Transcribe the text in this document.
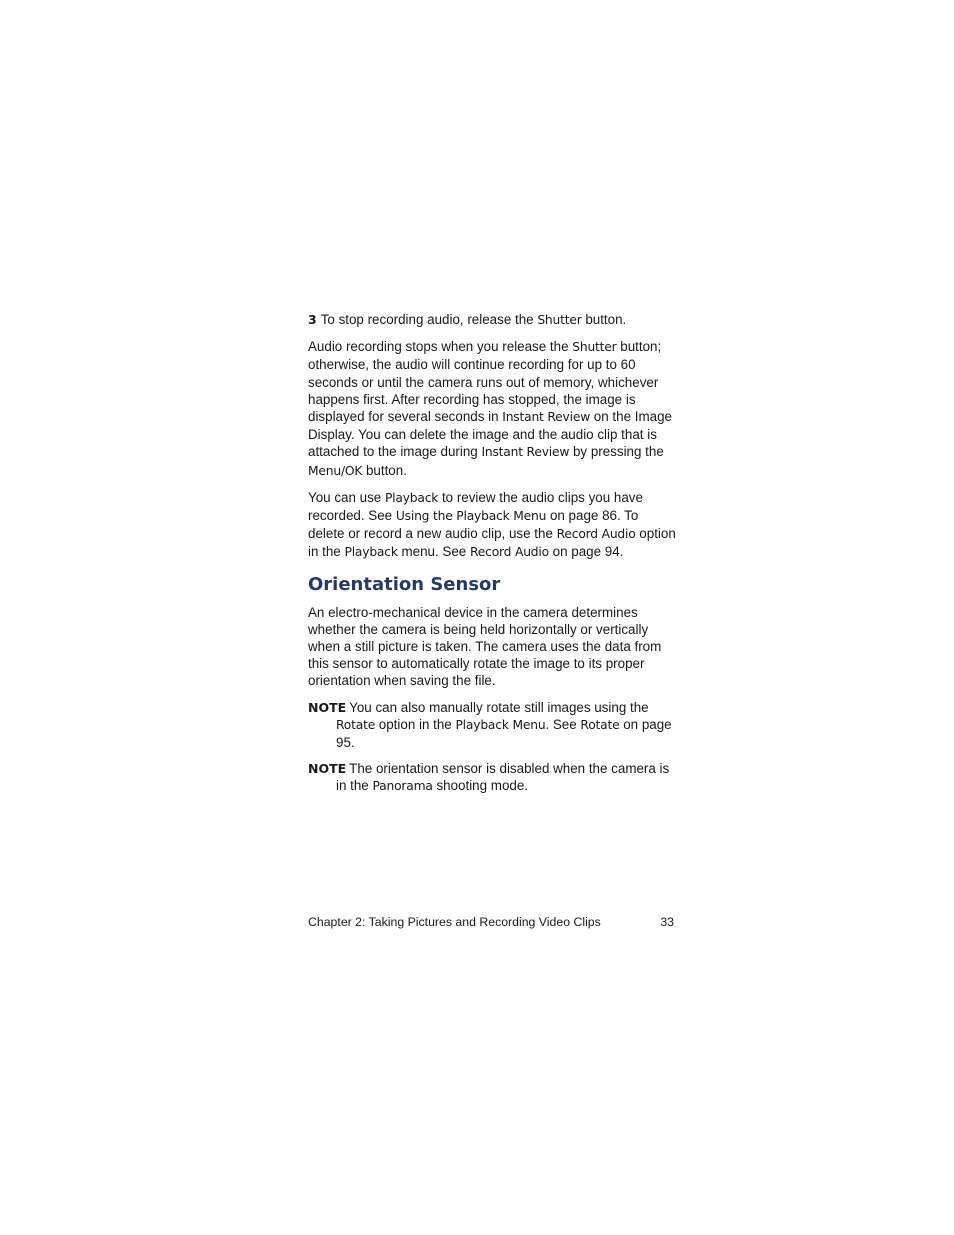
3 To stop recording audio, release the Shutter button.

Audio recording stops when you release the Shutter button; otherwise, the audio will continue recording for up to 60 seconds or until the camera runs out of memory, whichever happens first. After recording has stopped, the image is displayed for several seconds in Instant Review on the Image Display. You can delete the image and the audio clip that is attached to the image during Instant Review by pressing the Menu/OK button.

You can use Playback to review the audio clips you have recorded. See Using the Playback Menu on page 86. To delete or record a new audio clip, use the Record Audio option in the Playback menu. See Record Audio on page 94.

Orientation Sensor

An electro-mechanical device in the camera determines whether the camera is being held horizontally or vertically when a still picture is taken. The camera uses the data from this sensor to automatically rotate the image to its proper orientation when saving the file.

NOTE You can also manually rotate still images using the Rotate option in the Playback Menu. See Rotate on page 95.

NOTE The orientation sensor is disabled when the camera is in the Panorama shooting mode.

Chapter 2: Taking Pictures and Recording Video Clips	33
